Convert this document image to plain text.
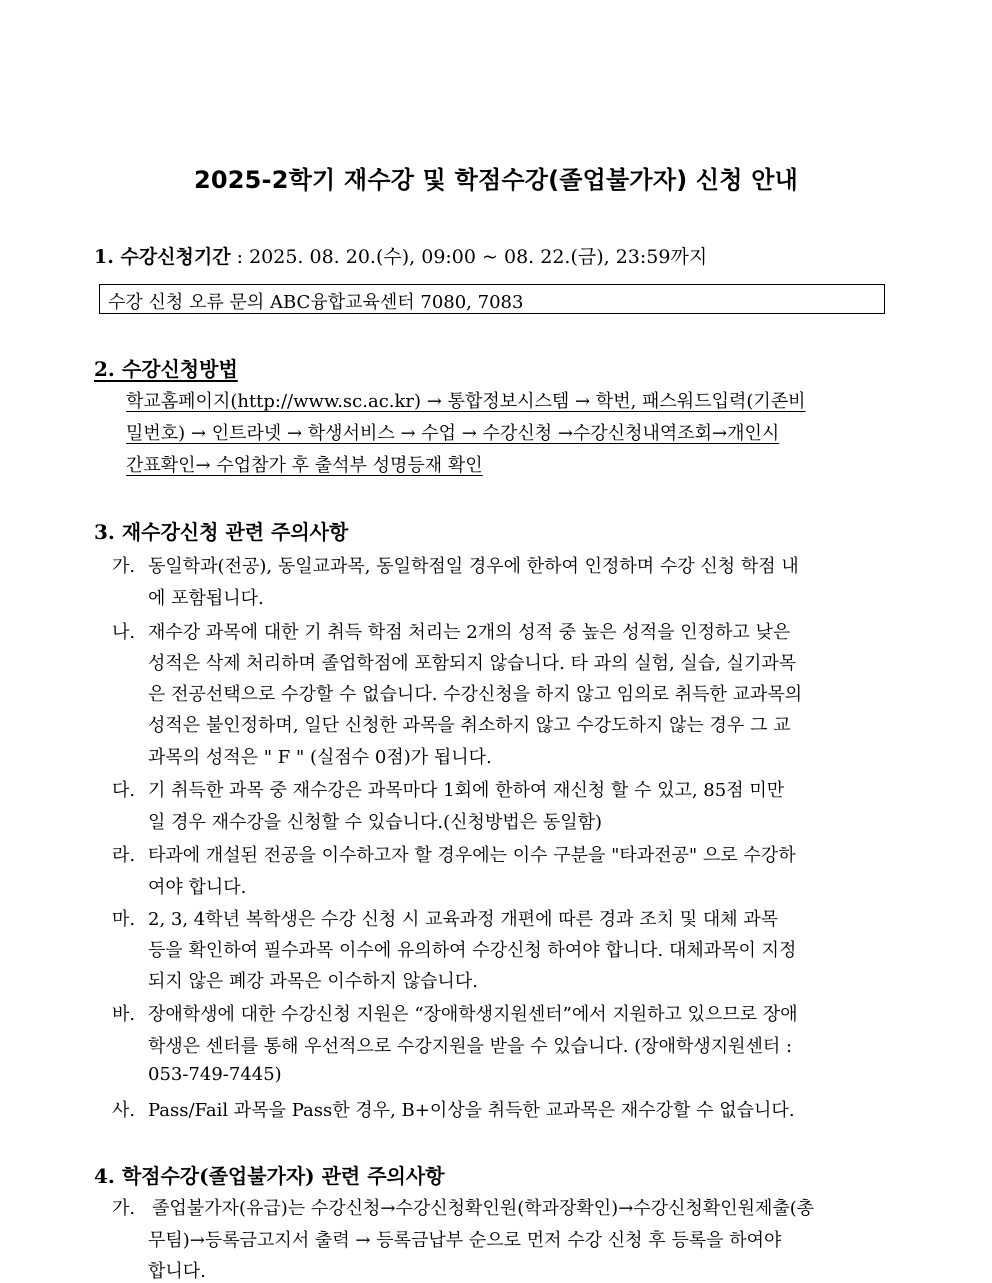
2025-2학기 재수강 및 학점수강(졸업불가자) 신청 안내
1. 수강신청기간 : 2025. 08. 20.(수), 09:00 ~ 08. 22.(금), 23:59까지
수강 신청 오류 문의 ABC융합교육센터 7080, 7083
2. 수강신청방법
학교홈페이지(http://www.sc.ac.kr) → 통합정보시스템 → 학번, 패스워드입력(기존비
밀번호) → 인트라넷 → 학생서비스 → 수업 → 수강신청 →수강신청내역조회→개인시
간표확인→ 수업참가 후 출석부 성명등재 확인
3. 재수강신청 관련 주의사항
가. 동일학과(전공), 동일교과목, 동일학점일 경우에 한하여 인정하며 수강 신청 학점 내
에 포함됩니다.
나. 재수강 과목에 대한 기 취득 학점 처리는 2개의 성적 중 높은 성적을 인정하고 낮은
성적은 삭제 처리하며 졸업학점에 포함되지 않습니다. 타 과의 실험, 실습, 실기과목
은 전공선택으로 수강할 수 없습니다. 수강신청을 하지 않고 임의로 취득한 교과목의
성적은 불인정하며, 일단 신청한 과목을 취소하지 않고 수강도하지 않는 경우 그 교
과목의 성적은 " F " (실점수 0점)가 됩니다.
다. 기 취득한 과목 중 재수강은 과목마다 1회에 한하여 재신청 할 수 있고, 85점 미만
일 경우 재수강을 신청할 수 있습니다.(신청방법은 동일함)
라. 타과에 개설된 전공을 이수하고자 할 경우에는 이수 구분을 "타과전공" 으로 수강하
여야 합니다.
마. 2, 3, 4학년 복학생은 수강 신청 시 교육과정 개편에 따른 경과 조치 및 대체 과목
등을 확인하여 필수과목 이수에 유의하여 수강신청 하여야 합니다. 대체과목이 지정
되지 않은 폐강 과목은 이수하지 않습니다.
바. 장애학생에 대한 수강신청 지원은 “장애학생지원센터”에서 지원하고 있으므로 장애
학생은 센터를 통해 우선적으로 수강지원을 받을 수 있습니다. (장애학생지원센터 :
053-749-7445)
사. Pass/Fail 과목을 Pass한 경우, B+이상을 취득한 교과목은 재수강할 수 없습니다.
4. 학점수강(졸업불가자) 관련 주의사항
가. 졸업불가자(유급)는 수강신청→수강신청확인원(학과장확인)→수강신청확인원제출(총
무팀)→등록금고지서 출력 → 등록금납부 순으로 먼저 수강 신청 후 등록을 하여야
합니다.
